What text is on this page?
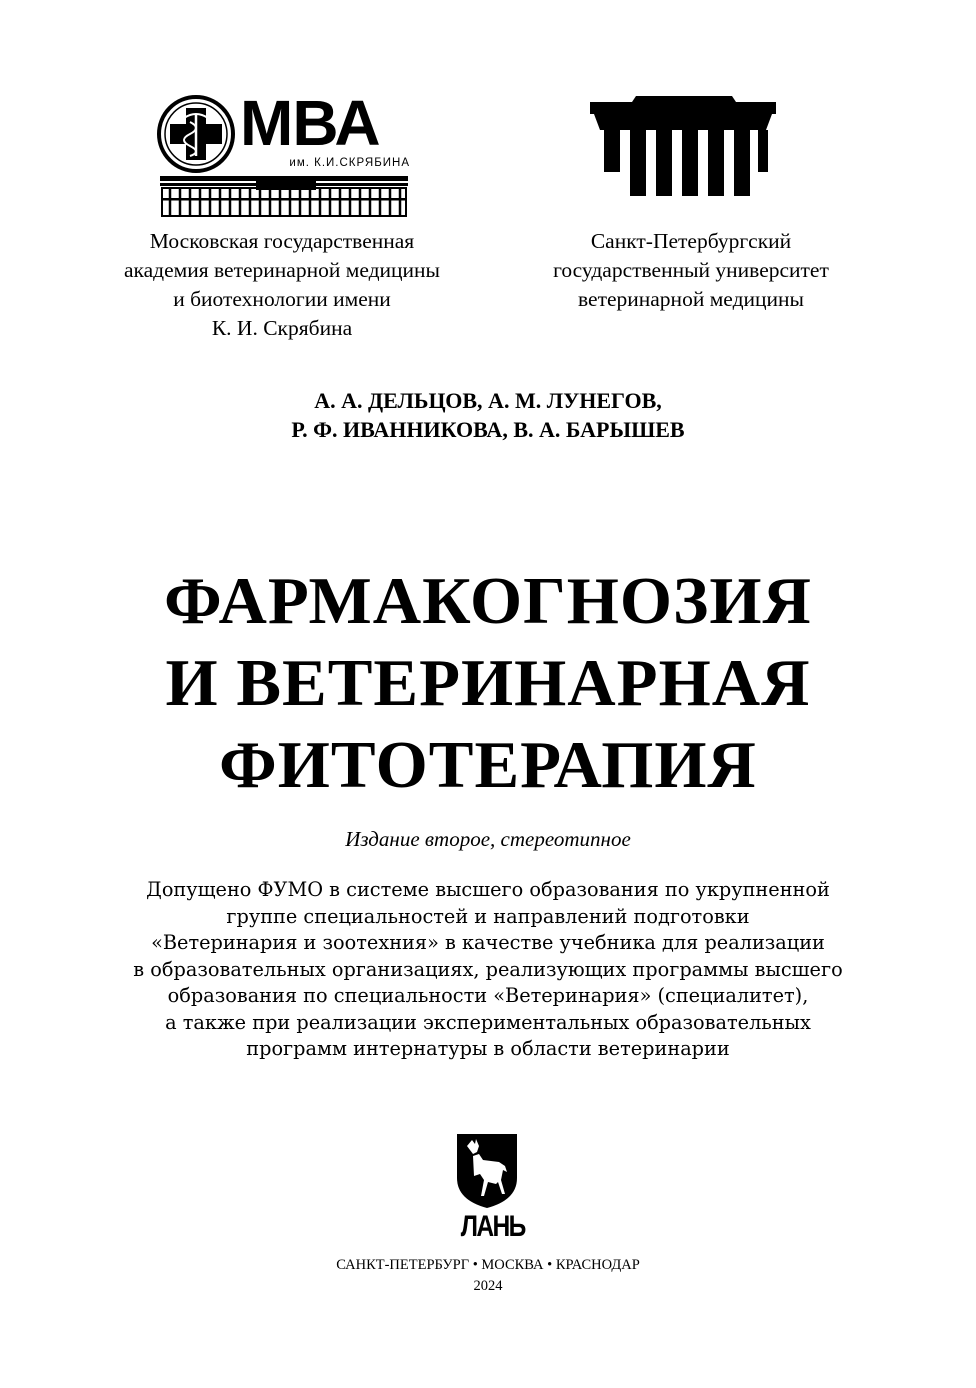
МВА
им. К.И.СКРЯБИНА
Московская государственная
академия ветеринарной медицины
и биотехнологии имени
К. И. Скрябина
Санкт-Петербургский
государственный университет
ветеринарной медицины
А. А. ДЕЛЬЦОВ, А. М. ЛУНЕГОВ,
Р. Ф. ИВАННИКОВА, В. А. БАРЫШЕВ
ФАРМАКОГНОЗИЯ
И ВЕТЕРИНАРНАЯ
ФИТОТЕРАПИЯ
Издание второе, стереотипное
Допущено ФУМО в системе высшего образования по укрупненной
группе специальностей и направлений подготовки
«Ветеринария и зоотехния» в качестве учебника для реализации
в образовательных организациях, реализующих программы высшего
образования по специальности «Ветеринария» (специалитет),
а также при реализации экспериментальных образовательных
программ интернатуры в области ветеринарии
ЛАНЬ
САНКТ-ПЕТЕРБУРГ • МОСКВА • КРАСНОДАР
2024
